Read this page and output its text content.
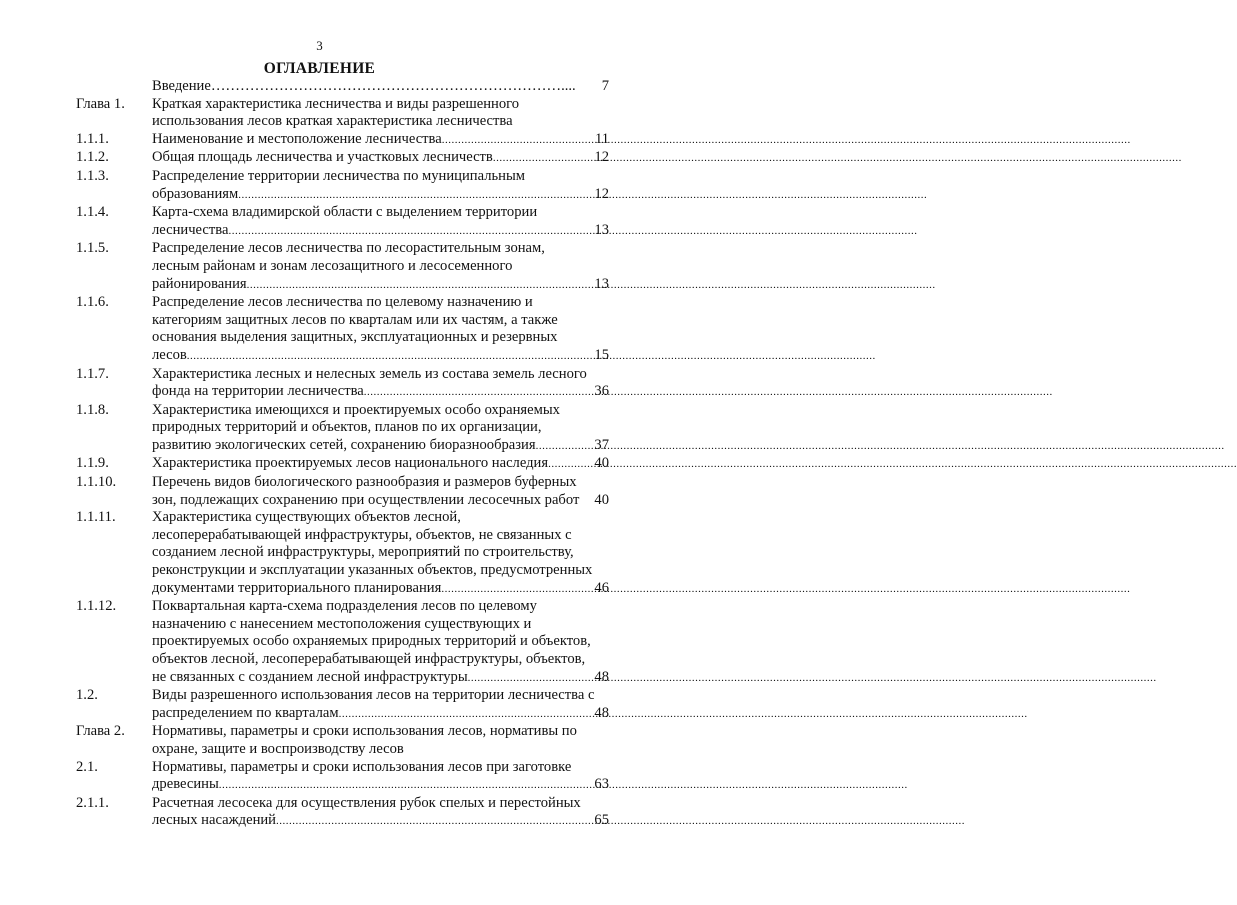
3
ОГЛАВЛЕНИЕ
Введение……………………………………………………………….... 7
Глава 1.	Краткая характеристика лесничества и виды разрешенного
использования лесов краткая характеристика лесничества
1.1.1.	Наименование и местоположение лесничества .....	11
1.1.2.	Общая площадь лесничества и участковых лесничеств .....	12
1.1.3.	Распределение территории лесничества по муниципальным
образованиям .....	12
1.1.4.	Карта-схема владимирской области с выделением территории
лесничества .....	13
1.1.5.	Распределение лесов лесничества по лесорастительным зонам,
лесным районам и зонам лесозащитного и лесосеменного
районирования .....	13
1.1.6.	Распределение лесов лесничества по целевому назначению и
категориям защитных лесов по кварталам или их частям, а также
основания выделения защитных, эксплуатационных и резервных
лесов .....	15
1.1.7.	Характеристика лесных и нелесных земель из состава земель лесного
фонда на территории лесничества .....	36
1.1.8.	Характеристика имеющихся и проектируемых особо охраняемых
природных территорий и объектов, планов по их организации,
развитию экологических сетей, сохранению биоразнообразия .....	37
1.1.9.	Характеристика проектируемых лесов национального наследия .....	40
1.1.10.	Перечень видов биологического разнообразия и размеров буферных
зон, подлежащих сохранению при осуществлении лесосечных работ 40
1.1.11.	Характеристика существующих объектов лесной,
лесоперерабатывающей инфраструктуры, объектов, не связанных с
созданием лесной инфраструктуры, мероприятий по строительству,
реконструкции и эксплуатации указанных объектов, предусмотренных
документами территориального планирования .....	46
1.1.12.	Поквартальная карта-схема подразделения лесов по целевому
назначению с нанесением местоположения существующих и
проектируемых особо охраняемых природных территорий и объектов,
объектов лесной, лесоперерабатывающей инфраструктуры, объектов,
не связанных с созданием лесной инфраструктуры .....	48
1.2.	Виды разрешенного использования лесов на территории лесничества с
распределением по кварталам .....	48
Глава 2.	Нормативы, параметры и сроки использования лесов, нормативы по
охране, защите и воспроизводству лесов
2.1.	Нормативы, параметры и сроки использования лесов при заготовке
древесины .....	63
2.1.1.	Расчетная лесосека для осуществления рубок спелых и перестойных
лесных насаждений .....	65
